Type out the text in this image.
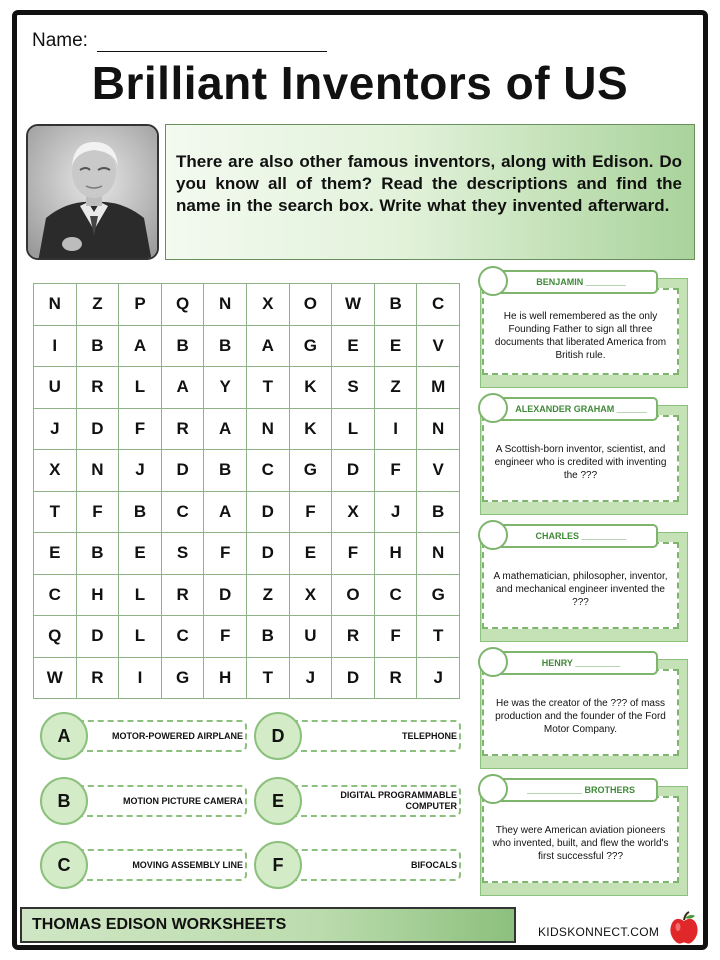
Name:
Brilliant Inventors of US

There are also other famous inventors, along with Edison. Do you know all of them? Read the descriptions and find the name in the search box. Write what they invented afterward.

N	Z	P	Q	N	X	O	W	B	C
I	B	A	B	B	A	G	E	E	V
U	R	L	A	Y	T	K	S	Z	M
J	D	F	R	A	N	K	L	I	N
X	N	J	D	B	C	G	D	F	V
T	F	B	C	A	D	F	X	J	B
E	B	E	S	F	D	E	F	H	N
C	H	L	R	D	Z	X	O	C	G
Q	D	L	C	F	B	U	R	F	T
W	R	I	G	H	T	J	D	R	J
A	MOTOR-POWERED AIRPLANE
B	MOTION PICTURE CAMERA
C	MOVING ASSEMBLY LINE
D	TELEPHONE
E	DIGITAL PROGRAMMABLE COMPUTER
F	BIFOCALS
BENJAMIN ________
He is well remembered as the only Founding Father to sign all three documents that liberated America from British rule.
ALEXANDER GRAHAM ______
A Scottish-born inventor, scientist, and engineer who is credited with inventing the ???
CHARLES _________
A mathematician, philosopher, inventor, and mechanical engineer invented the ???
HENRY _________
He was the creator of the ??? of mass production and the founder of the Ford Motor Company.
___________ BROTHERS
They were American aviation pioneers who invented, built, and flew the world's first successful ???
THOMAS EDISON WORKSHEETS	KIDSKONNECT.COM
